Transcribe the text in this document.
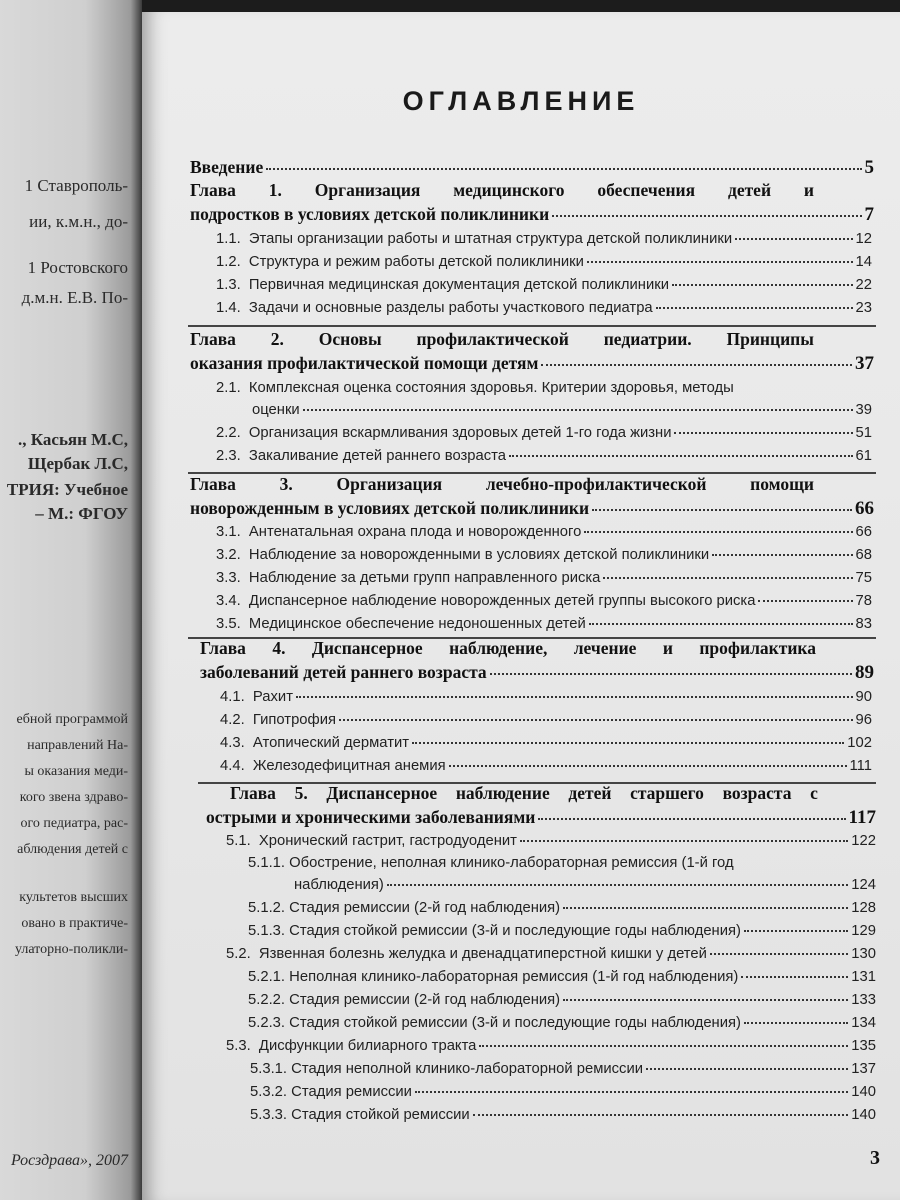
1 Ставрополь-
ии, к.м.н., до-
1 Ростовского
д.м.н. Е.В. По-
., Касьян М.С,
Щербак Л.С,
ТРИЯ: Учебное
– М.: ФГОУ
ебной программой
направлений На-
ы оказания меди-
кого звена здраво-
ого педиатра, рас-
аблюдения детей с
культетов высших
овано в практиче-
улаторно-поликли-
Росздрава», 2007
ОГЛАВЛЕНИЕ
Введение	5
Глава 1. Организация медицинского обеспечения детей и
подростков в условиях детской поликлиники	7
1.1. Этапы организации работы и штатная структура детской поликлиники	12
1.2. Структура и режим работы детской поликлиники	14
1.3. Первичная медицинская документация детской поликлиники	22
1.4. Задачи и основные разделы работы участкового педиатра	23
Глава 2. Основы профилактической педиатрии. Принципы
оказания профилактической помощи детям	37
2.1. Комплексная оценка состояния здоровья. Критерии здоровья, методы
оценки	39
2.2. Организация вскармливания здоровых детей 1-го года жизни	51
2.3. Закаливание детей раннего возраста	61
Глава 3. Организация лечебно-профилактической помощи
новорожденным в условиях детской поликлиники	66
3.1. Антенатальная охрана плода и новорожденного	66
3.2. Наблюдение за новорожденными в условиях детской поликлиники	68
3.3. Наблюдение за детьми групп направленного риска	75
3.4. Диспансерное наблюдение новорожденных детей группы высокого риска	78
3.5. Медицинское обеспечение недоношенных детей	83
Глава 4. Диспансерное наблюдение, лечение и профилактика
заболеваний детей раннего возраста	89
4.1. Рахит	90
4.2. Гипотрофия	96
4.3. Атопический дерматит	102
4.4. Железодефицитная анемия	111
Глава 5. Диспансерное наблюдение детей старшего возраста с
острыми и хроническими заболеваниями	117
5.1. Хронический гастрит, гастродуоденит	122
5.1.1. Обострение, неполная клинико-лабораторная ремиссия (1-й год
наблюдения)	124
5.1.2. Стадия ремиссии (2-й год наблюдения)	128
5.1.3. Стадия стойкой ремиссии (3-й и последующие годы наблюдения)	129
5.2. Язвенная болезнь желудка и двенадцатиперстной кишки у детей	130
5.2.1. Неполная клинико-лабораторная ремиссия (1-й год наблюдения)	131
5.2.2. Стадия ремиссии (2-й год наблюдения)	133
5.2.3. Стадия стойкой ремиссии (3-й и последующие годы наблюдения)	134
5.3. Дисфункции билиарного тракта	135
5.3.1. Стадия неполной клинико-лабораторной ремиссии	137
5.3.2. Стадия ремиссии	140
5.3.3. Стадия стойкой ремиссии	140
3
